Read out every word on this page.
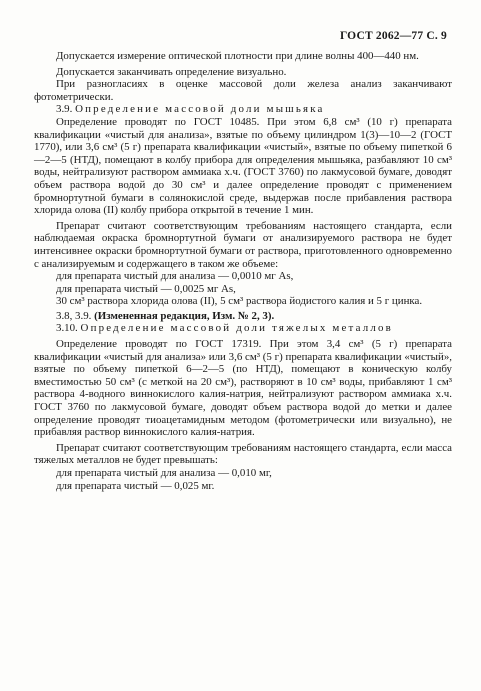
ГОСТ 2062—77 С. 9

Допускается измерение оптической плотности при длине волны 400—440 нм.

Допускается заканчивать определение визуально.

При разногласиях в оценке массовой доли железа анализ заканчивают фотометрически.

3.9. Определение массовой доли мышьяка

Определение проводят по ГОСТ 10485. При этом 6,8 см³ (10 г) препарата квалификации «чистый для анализа», взятые по объему цилиндром 1(3)—10—2 (ГОСТ 1770), или 3,6 см³ (5 г) препарата квалификации «чистый», взятые по объему пипеткой 6—2—5 (НТД), помещают в колбу прибора для определения мышьяка, разбавляют 10 см³ воды, нейтрализуют раствором аммиака х.ч. (ГОСТ 3760) по лакмусовой бумаге, доводят объем раствора водой до 30 см³ и далее определение проводят с применением бромнортутной бумаги в солянокислой среде, выдержав после прибавления раствора хлорида олова (II) колбу прибора открытой в течение 1 мин.

Препарат считают соответствующим требованиям настоящего стандарта, если наблюдаемая окраска бромнортутной бумаги от анализируемого раствора не будет интенсивнее окраски бромнортутной бумаги от раствора, приготовленного одновременно с анализируемым и содержащего в таком же объеме:

для препарата чистый для анализа — 0,0010 мг As,

для препарата чистый — 0,0025 мг As,

30 см³ раствора хлорида олова (II), 5 см³ раствора йодистого калия и 5 г цинка.

3.8, 3.9. (Измененная редакция, Изм. № 2, 3).

3.10. Определение массовой доли тяжелых металлов

Определение проводят по ГОСТ 17319. При этом 3,4 см³ (5 г) препарата квалификации «чистый для анализа» или 3,6 см³ (5 г) препарата квалификации «чистый», взятые по объему пипеткой 6—2—5 (по НТД), помещают в коническую колбу вместимостью 50 см³ (с меткой на 20 см³), растворяют в 10 см³ воды, прибавляют 1 см³ раствора 4-водного виннокислого калия-натрия, нейтрализуют раствором аммиака х.ч. ГОСТ 3760 по лакмусовой бумаге, доводят объем раствора водой до метки и далее определение проводят тиоацетамидным методом (фотометрически или визуально), не прибавляя раствор виннокислого калия-натрия.

Препарат считают соответствующим требованиям настоящего стандарта, если масса тяжелых металлов не будет превышать:

для препарата чистый для анализа — 0,010 мг,

для препарата чистый — 0,025 мг.
